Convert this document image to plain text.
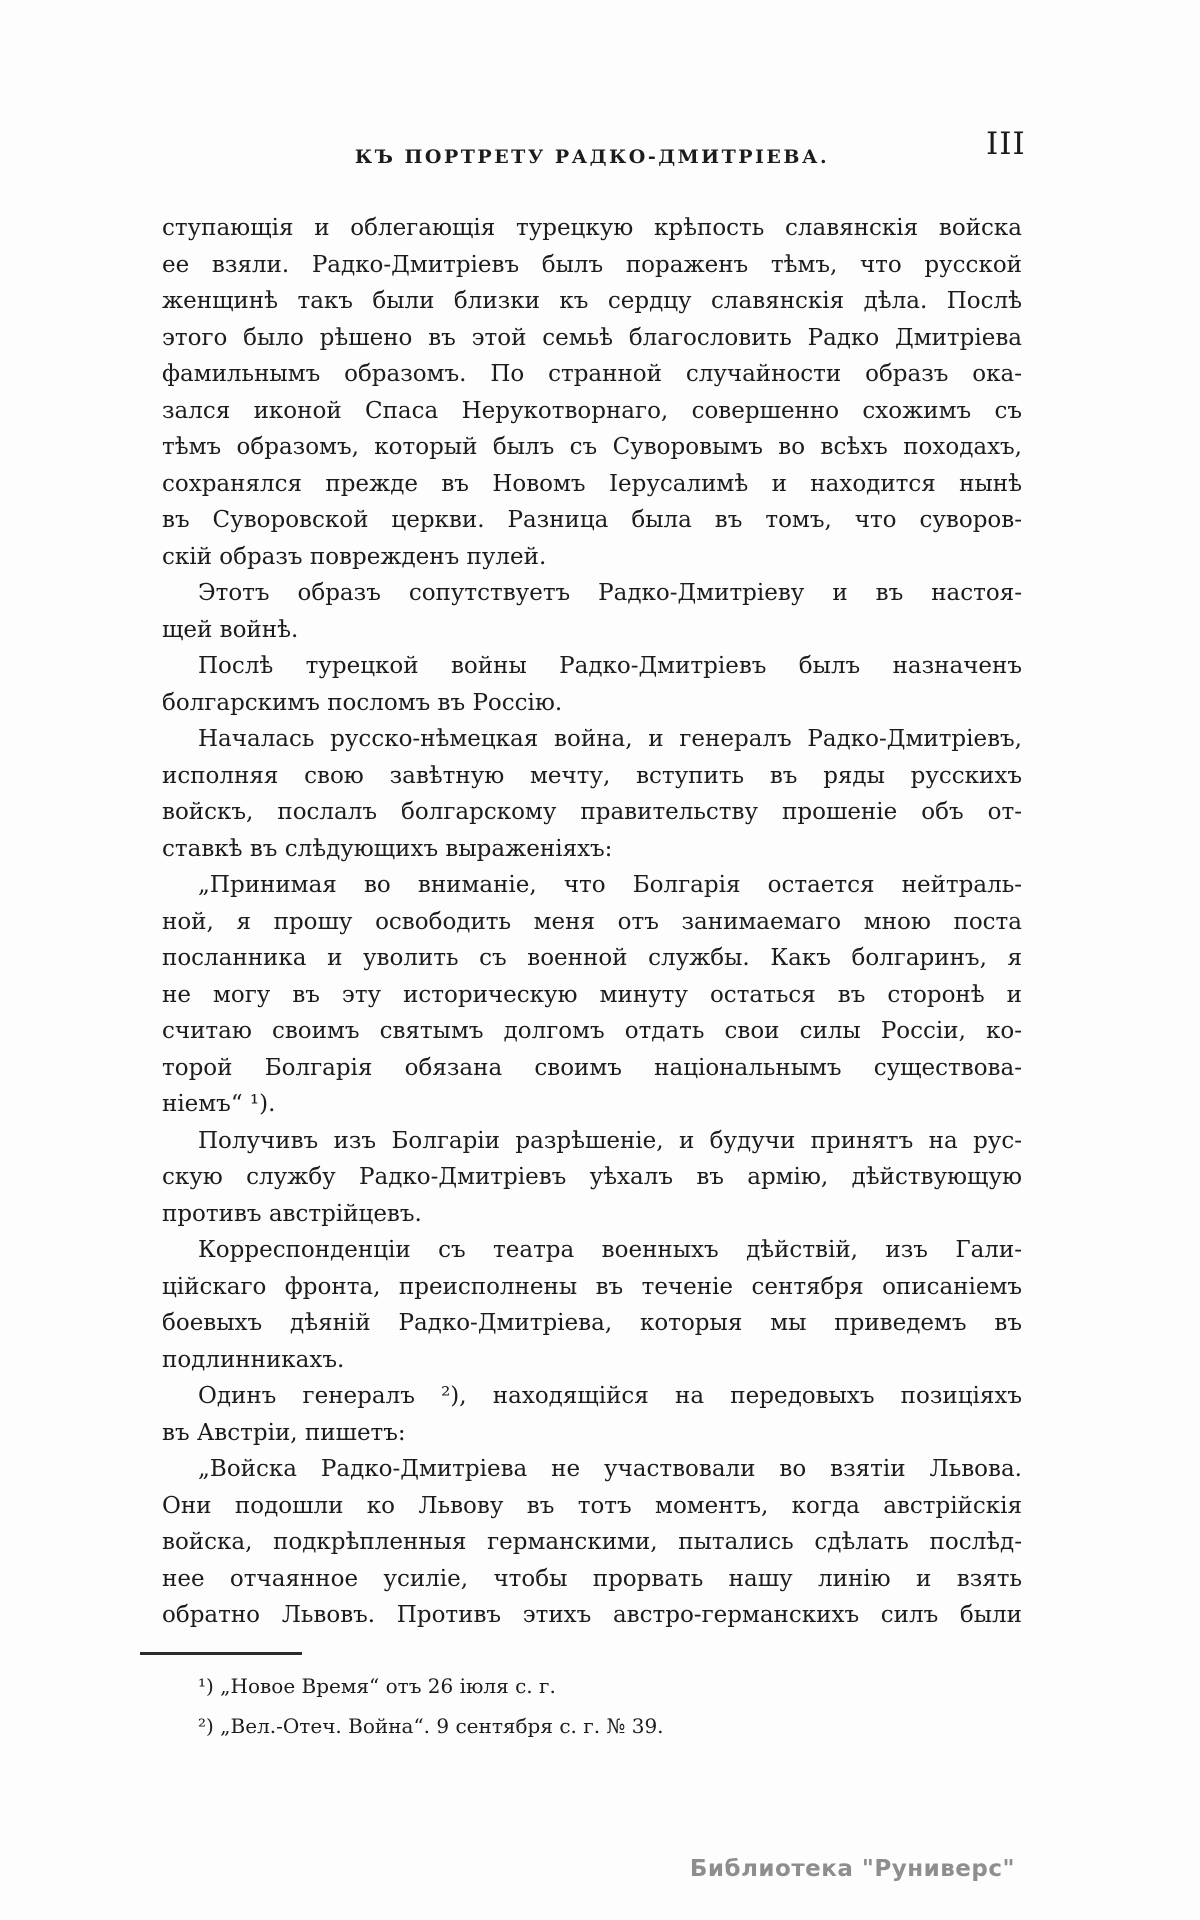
КЪ ПОРТРЕТУ РАДКО-ДМИТРІЕВА.	III
ступающія и облегающія турецкую крѣпость славянскія войска
ее взяли. Радко-Дмитріевъ былъ пораженъ тѣмъ, что русской
женщинѣ такъ были близки къ сердцу славянскія дѣла. Послѣ
этого было рѣшено въ этой семьѣ благословить Радко Дмитріева
фамильнымъ образомъ. По странной случайности образъ ока-
зался иконой Спаса Нерукотворнаго, совершенно схожимъ съ
тѣмъ образомъ, который былъ съ Суворовымъ во всѣхъ походахъ,
сохранялся прежде въ Новомъ Іерусалимѣ и находится нынѣ
въ Суворовской церкви. Разница была въ томъ, что суворов-
скій образъ поврежденъ пулей.
Этотъ образъ сопутствуетъ Радко-Дмитріеву и въ настоя-
щей войнѣ.
Послѣ турецкой войны Радко-Дмитріевъ былъ назначенъ
болгарскимъ посломъ въ Россію.
Началась русско-нѣмецкая война, и генералъ Радко-Дмитріевъ,
исполняя свою завѣтную мечту, вступить въ ряды русскихъ
войскъ, послалъ болгарскому правительству прошеніе объ от-
ставкѣ въ слѣдующихъ выраженіяхъ:
„Принимая во вниманіе, что Болгарія остается нейтраль-
ной, я прошу освободить меня отъ занимаемаго мною поста
посланника и уволить съ военной службы. Какъ болгаринъ, я
не могу въ эту историческую минуту остаться въ сторонѣ и
считаю своимъ святымъ долгомъ отдать свои силы Россіи, ко-
торой Болгарія обязана своимъ національнымъ существова-
ніемъ“ ¹).
Получивъ изъ Болгаріи разрѣшеніе, и будучи принятъ на рус-
скую службу Радко-Дмитріевъ уѣхалъ въ армію, дѣйствующую
противъ австрійцевъ.
Корреспонденціи съ театра военныхъ дѣйствій, изъ Гали-
ційскаго фронта, преисполнены въ теченіе сентября описаніемъ
боевыхъ дѣяній Радко-Дмитріева, которыя мы приведемъ въ
подлинникахъ.
Одинъ генералъ ²), находящійся на передовыхъ позиціяхъ
въ Австріи, пишетъ:
„Войска Радко-Дмитріева не участвовали во взятіи Львова.
Они подошли ко Львову въ тотъ моментъ, когда австрійскія
войска, подкрѣпленныя германскими, пытались сдѣлать послѣд-
нее отчаянное усиліе, чтобы прорвать нашу линію и взять
обратно Львовъ. Противъ этихъ австро-германскихъ силъ были
¹) „Новое Время“ отъ 26 іюля с. г.
²) „Вел.-Отеч. Война“. 9 сентября с. г. № 39.
Библиотека "Руниверс"
